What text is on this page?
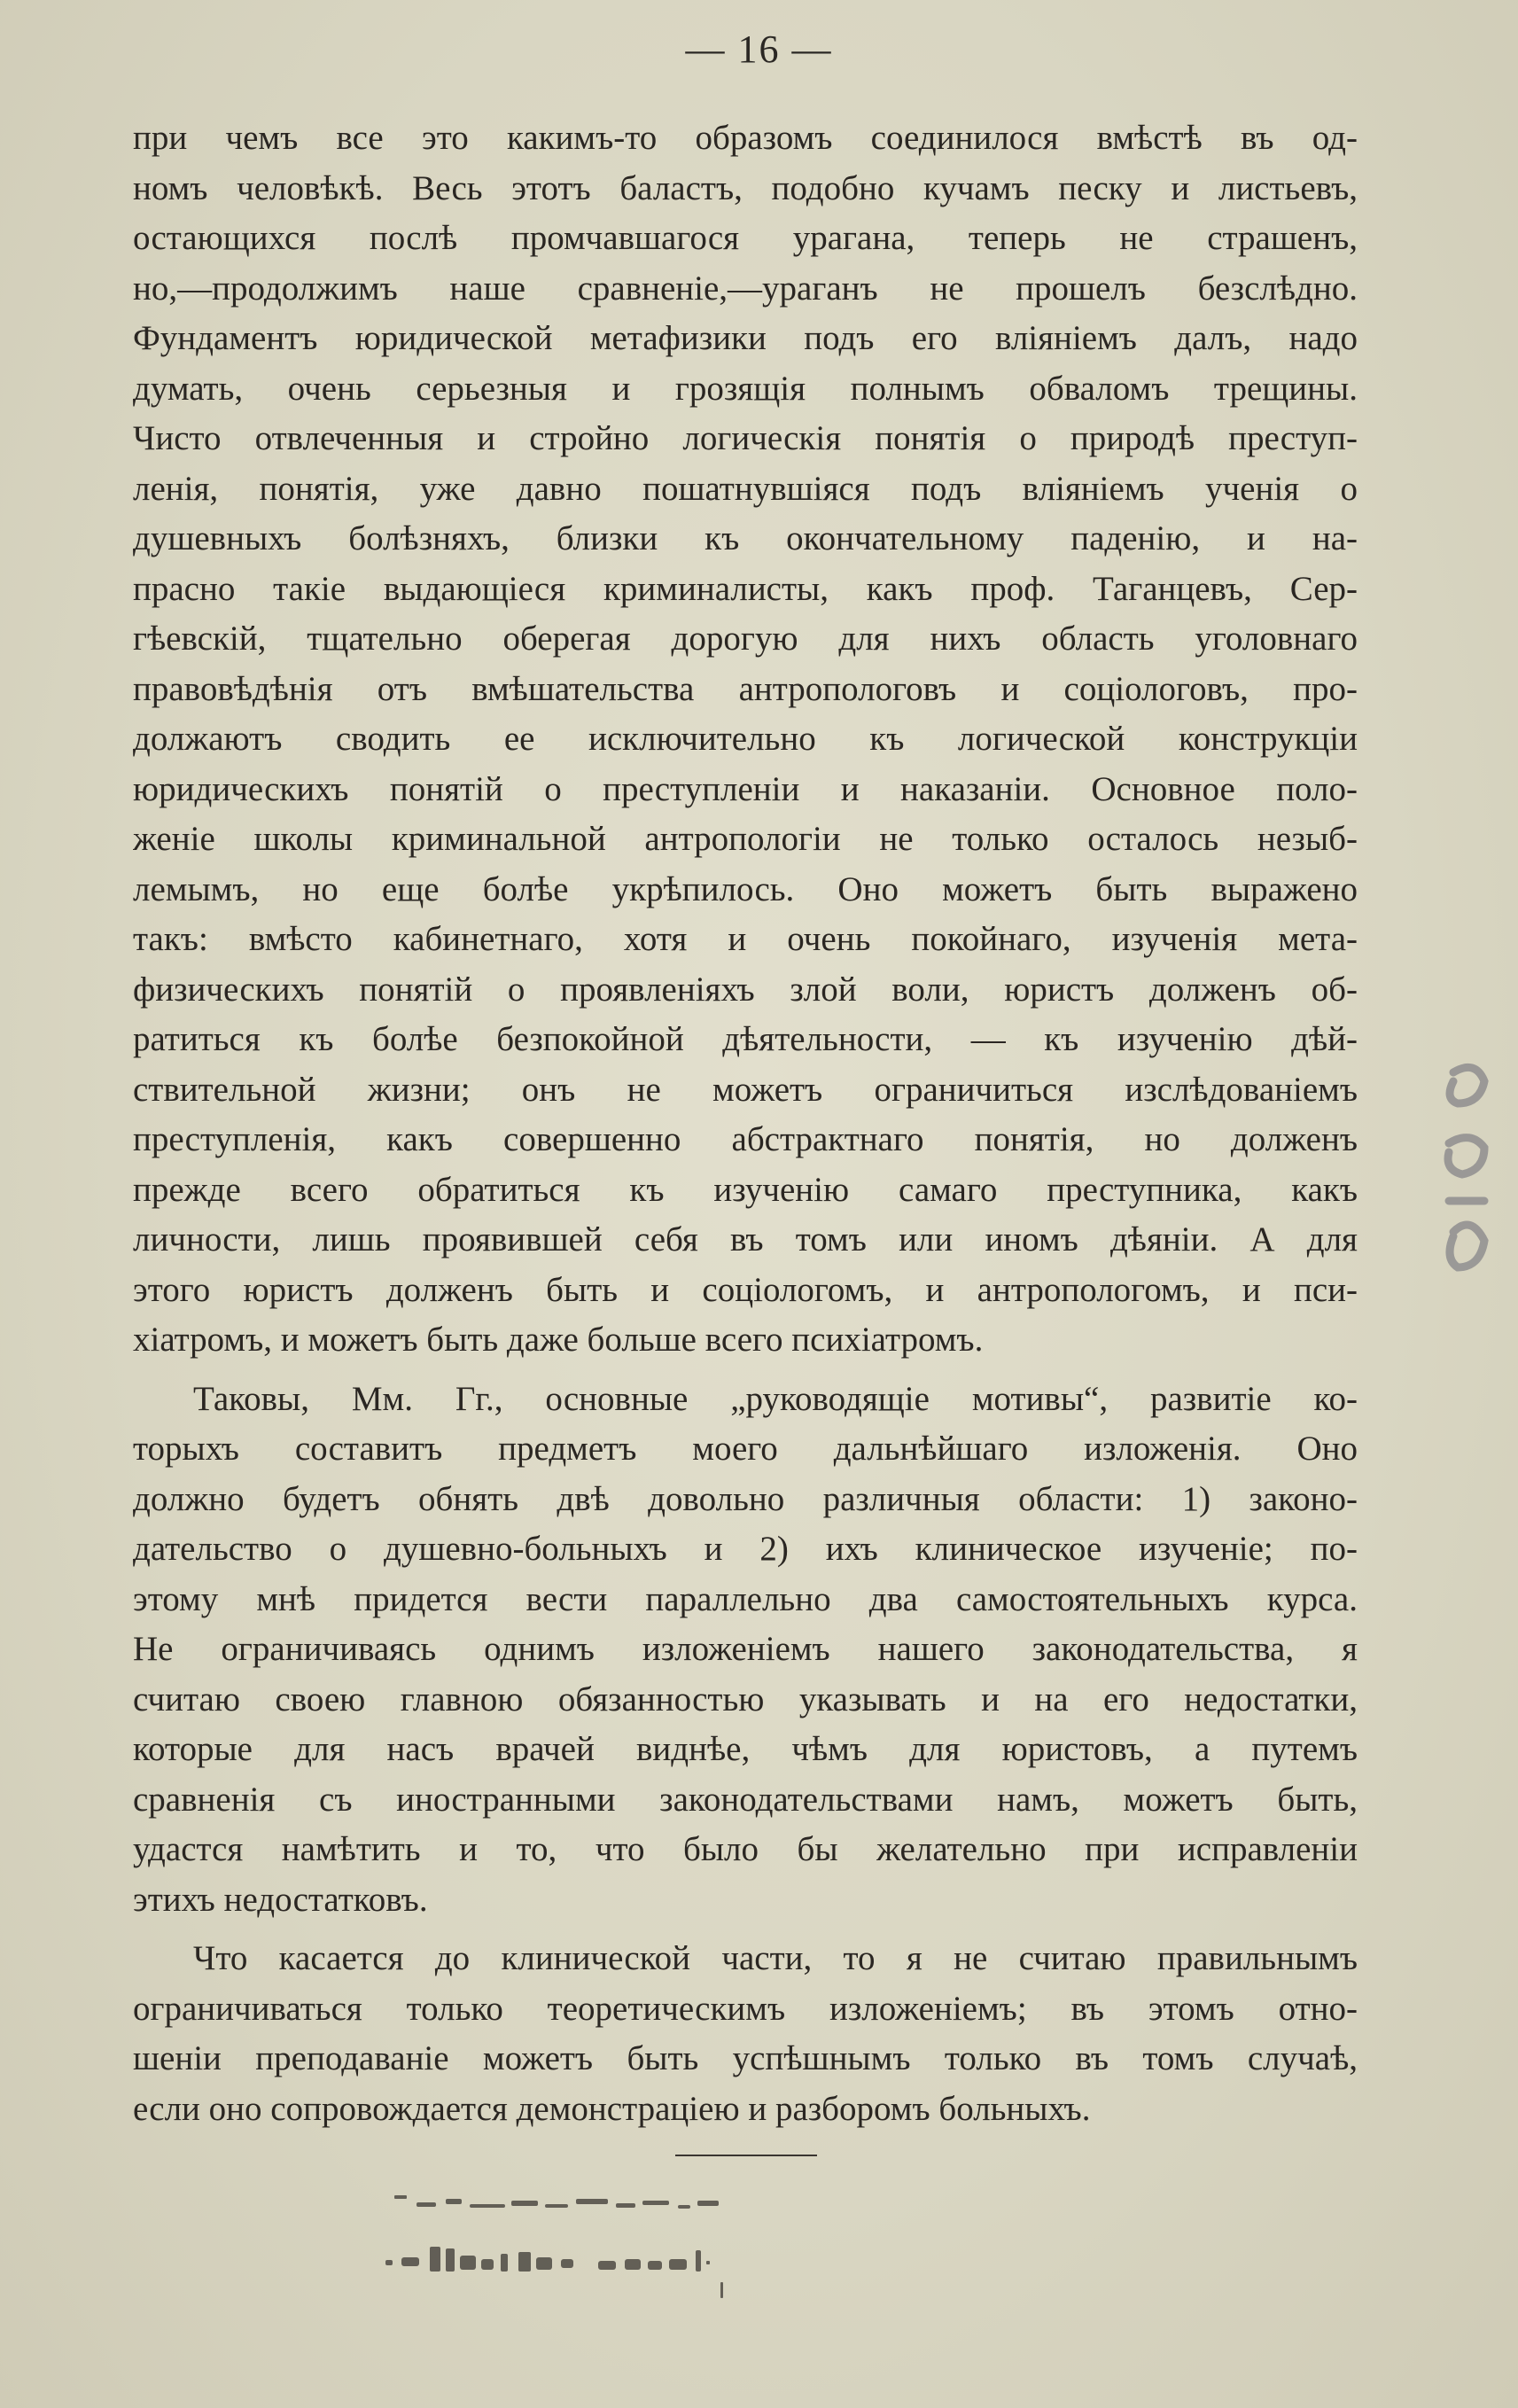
— 16 —
при чемъ все это какимъ-то образомъ соединилося вмѣстѣ въ од-
номъ человѣкѣ. Весь этотъ баластъ, подобно кучамъ песку и листьевъ,
остающихся послѣ промчавшагося урагана, теперь не страшенъ,
но,—продолжимъ наше сравненіе,—ураганъ не прошелъ безслѣдно.
Фундаментъ юридической метафизики подъ его вліяніемъ далъ, надо
думать, очень серьезныя и грозящія полнымъ обваломъ трещины.
Чисто отвлеченныя и стройно логическія понятія о природѣ преступ-
ленія, понятія, уже давно пошатнувшіяся подъ вліяніемъ ученія о
душевныхъ болѣзняхъ, близки къ окончательному паденію, и на-
прасно такіе выдающіеся криминалисты, какъ проф. Таганцевъ, Сер-
гѣевскій, тщательно оберегая дорогую для нихъ область уголовнаго
правовѣдѣнія отъ вмѣшательства антропологовъ и соціологовъ, про-
должаютъ сводить ее исключительно къ логической конструкціи
юридическихъ понятій о преступленіи и наказаніи. Основное поло-
женіе школы криминальной антропологіи не только осталось незыб-
лемымъ, но еще болѣе укрѣпилось. Оно можетъ быть выражено
такъ: вмѣсто кабинетнаго, хотя и очень покойнаго, изученія мета-
физическихъ понятій о проявленіяхъ злой воли, юристъ долженъ об-
ратиться къ болѣе безпокойной дѣятельности, — къ изученію дѣй-
ствительной жизни; онъ не можетъ ограничиться изслѣдованіемъ
преступленія, какъ совершенно абстрактнаго понятія, но долженъ
прежде всего обратиться къ изученію самаго преступника, какъ
личности, лишь проявившей себя въ томъ или иномъ дѣяніи. А для
этого юристъ долженъ быть и соціологомъ, и антропологомъ, и пси-
хіатромъ, и можетъ быть даже больше всего психіатромъ.
Таковы, Мм. Гг., основные „руководящіе мотивы“, развитіе ко-
торыхъ составитъ предметъ моего дальнѣйшаго изложенія. Оно
должно будетъ обнять двѣ довольно различныя области: 1) законо-
дательство о душевно-больныхъ и 2) ихъ клиническое изученіе; по-
этому мнѣ придется вести параллельно два самостоятельныхъ курса.
Не ограничиваясь однимъ изложеніемъ нашего законодательства, я
считаю своею главною обязанностью указывать и на его недостатки,
которые для насъ врачей виднѣе, чѣмъ для юристовъ, а путемъ
сравненія съ иностранными законодательствами намъ, можетъ быть,
удастся намѣтить и то, что было бы желательно при исправленіи
этихъ недостатковъ.
Что касается до клинической части, то я не считаю правильнымъ
ограничиваться только теоретическимъ изложеніемъ; въ этомъ отно-
шеніи преподаваніе можетъ быть успѣшнымъ только въ томъ случаѣ,
если оно сопровождается демонстраціею и разборомъ больныхъ.
